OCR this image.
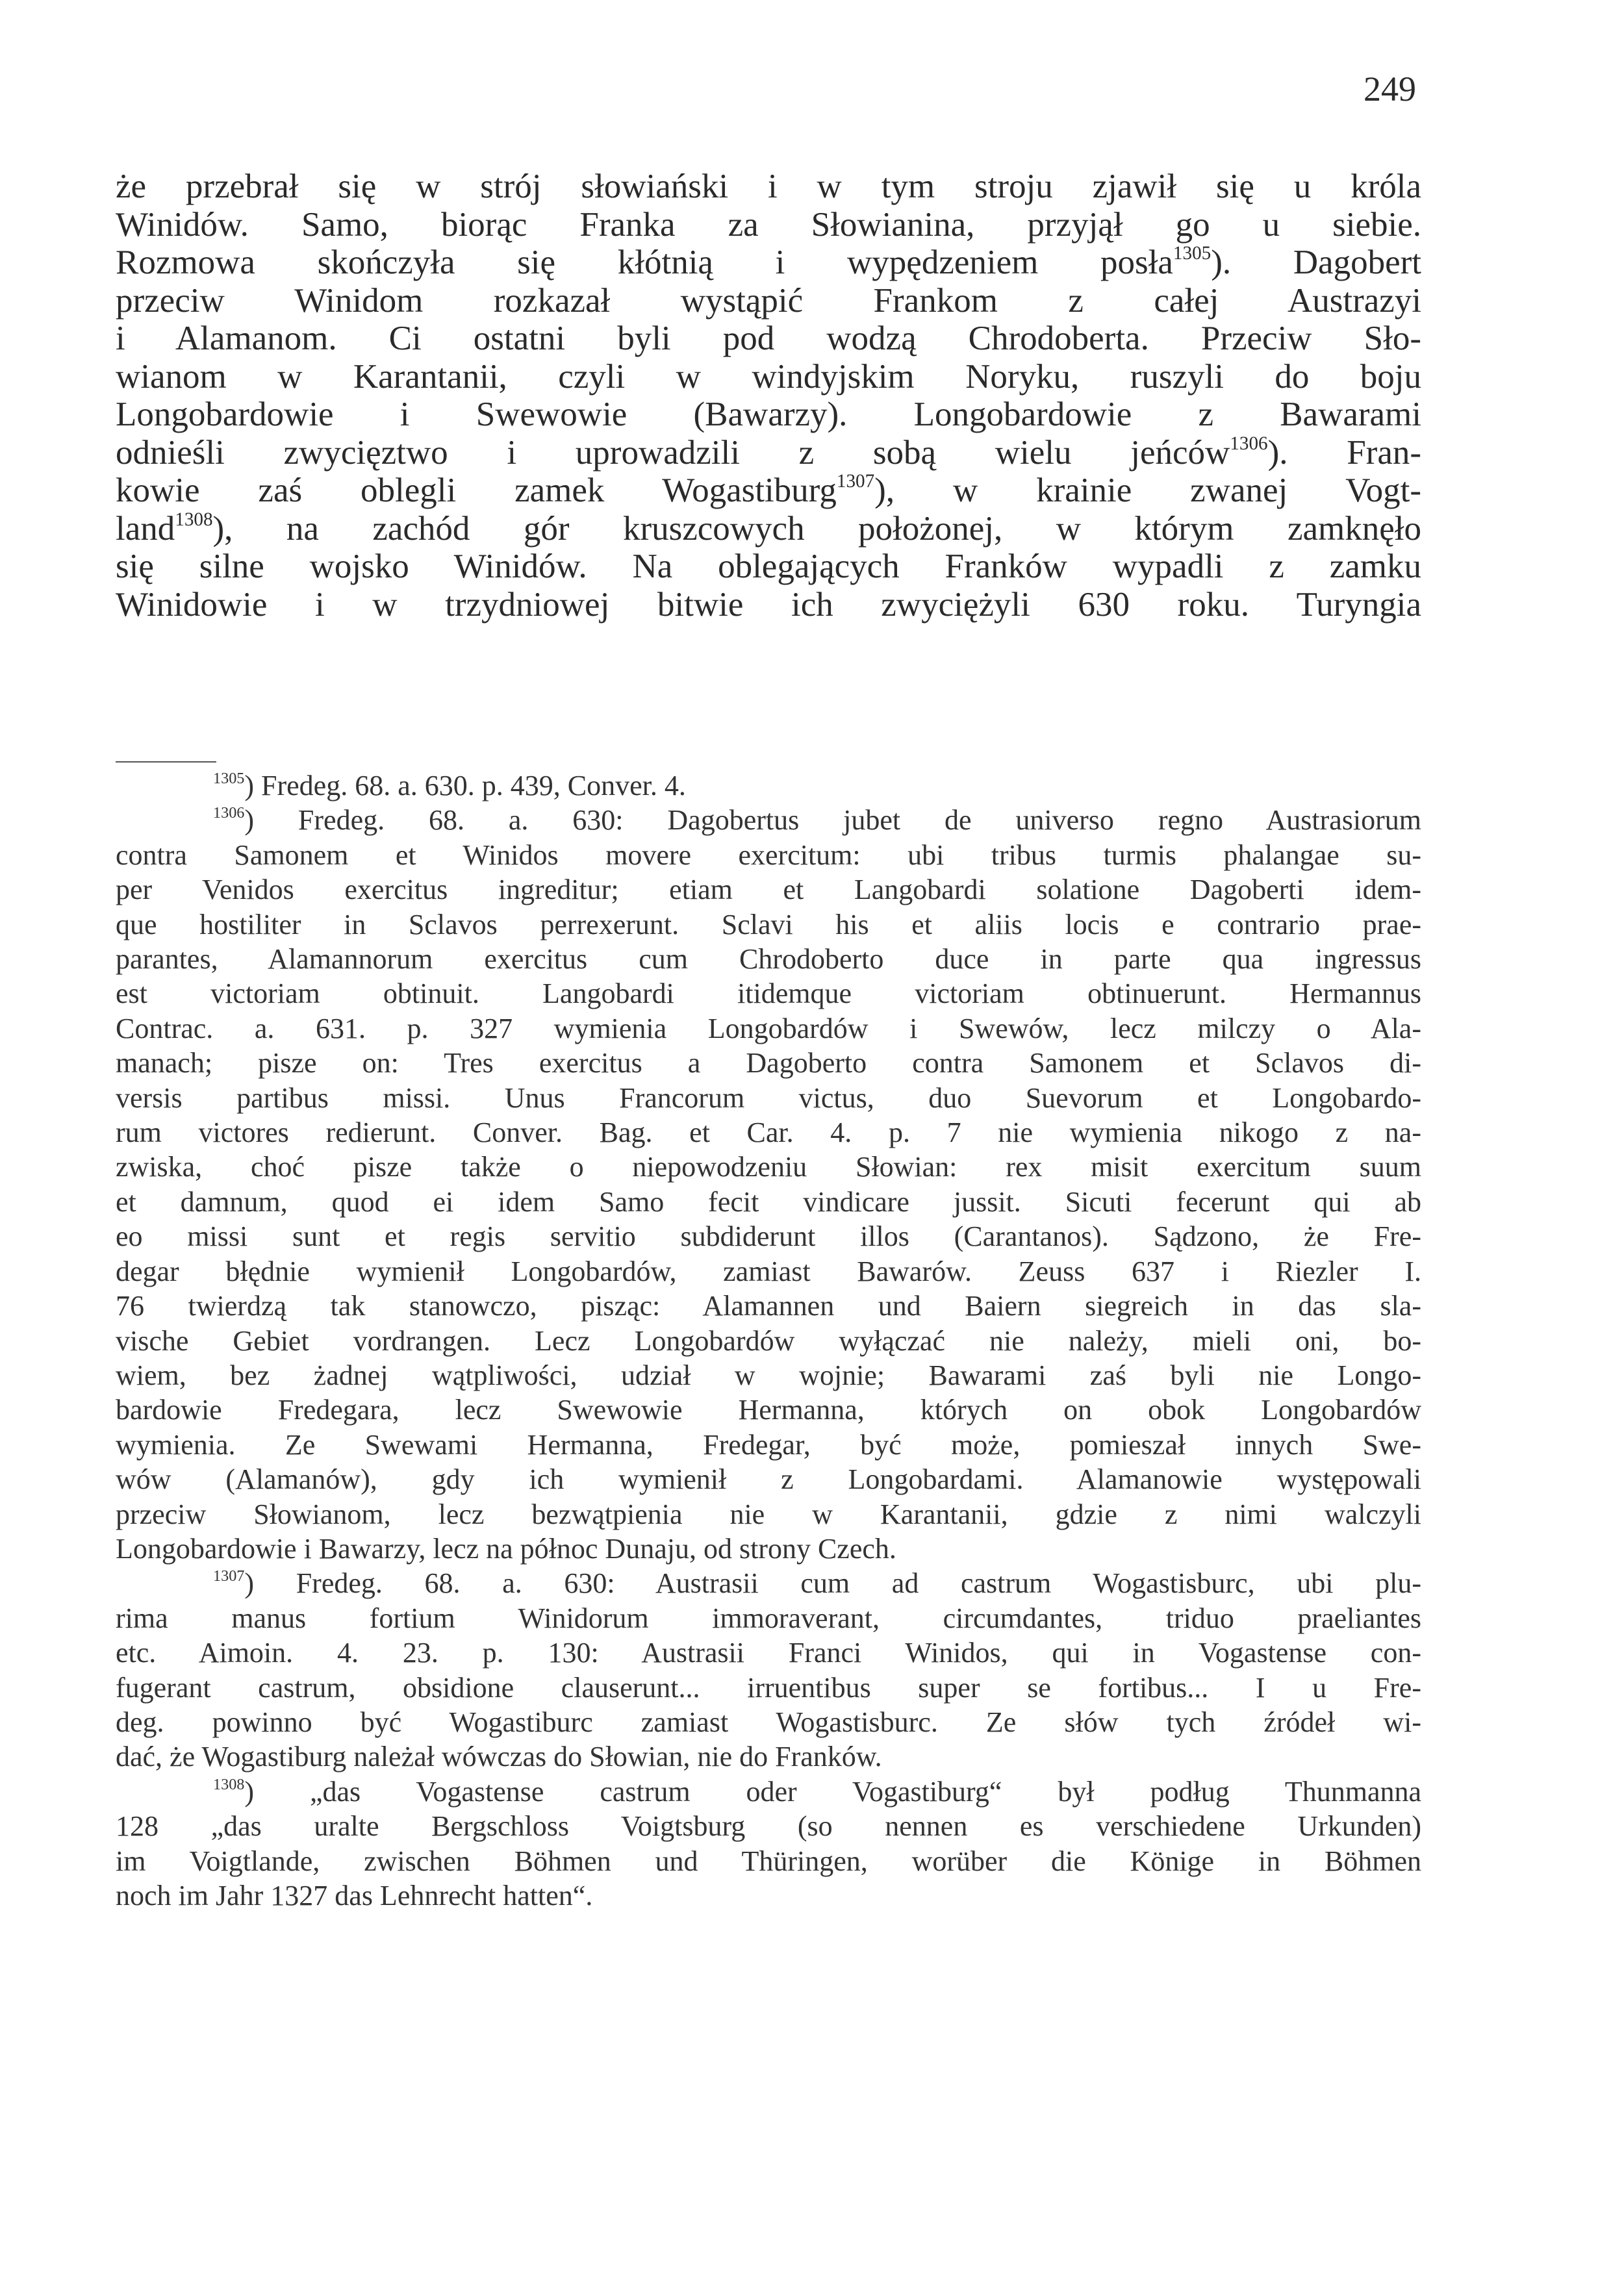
249
że przebrał się w strój słowiański i w tym stroju zjawił się u króla
Winidów. Samo, biorąc Franka za Słowianina, przyjął go u siebie.
Rozmowa skończyła się kłótnią i wypędzeniem posła$^{1305}$). Dagobert
przeciw Winidom rozkazał wystąpić Frankom z całej Austrazyi
i Alamanom. Ci ostatni byli pod wodzą Chrodoberta. Przeciw Sło-
wianom w Karantanii, czyli w windyjskim Noryku, ruszyli do boju
Longobardowie i Swewowie (Bawarzy). Longobardowie z Bawarami
odnieśli zwycięztwo i uprowadzili z sobą wielu jeńców$^{1306}$). Fran-
kowie zaś oblegli zamek Wogastiburg$^{1307}$), w krainie zwanej Vogt-
land$^{1308}$), na zachód gór kruszcowych położonej, w którym zamknęło
się silne wojsko Winidów. Na oblegających Franków wypadli z zamku
Winidowie i w trzydniowej bitwie ich zwyciężyli 630 roku. Turyngia
$^{1305}$) Fredeg. 68. a. 630. p. 439, Conver. 4.
$^{1306}$) Fredeg. 68. a. 630: Dagobertus jubet de universo regno Austrasiorum
contra Samonem et Winidos movere exercitum: ubi tribus turmis phalangae su-
per Venidos exercitus ingreditur; etiam et Langobardi solatione Dagoberti idem-
que hostiliter in Sclavos perrexerunt. Sclavi his et aliis locis e contrario prae-
parantes, Alamannorum exercitus cum Chrodoberto duce in parte qua ingressus
est victoriam obtinuit. Langobardi itidemque victoriam obtinuerunt. Hermannus
Contrac. a. 631. p. 327 wymienia Longobardów i Swewów, lecz milczy o Ala-
manach; pisze on: Tres exercitus a Dagoberto contra Samonem et Sclavos di-
versis partibus missi. Unus Francorum victus, duo Suevorum et Longobardo-
rum victores redierunt. Conver. Bag. et Car. 4. p. 7 nie wymienia nikogo z na-
zwiska, choć pisze także o niepowodzeniu Słowian: rex misit exercitum suum
et damnum, quod ei idem Samo fecit vindicare jussit. Sicuti fecerunt qui ab
eo missi sunt et regis servitio subdiderunt illos (Carantanos). Sądzono, że Fre-
degar błędnie wymienił Longobardów, zamiast Bawarów. Zeuss 637 i Riezler I.
76 twierdzą tak stanowczo, pisząc: Alamannen und Baiern siegreich in das sla-
vische Gebiet vordrangen. Lecz Longobardów wyłączać nie należy, mieli oni, bo-
wiem, bez żadnej wątpliwości, udział w wojnie; Bawarami zaś byli nie Longo-
bardowie Fredegara, lecz Swewowie Hermanna, których on obok Longobardów
wymienia. Ze Swewami Hermanna, Fredegar, być może, pomieszał innych Swe-
wów (Alamanów), gdy ich wymienił z Longobardami. Alamanowie występowali
przeciw Słowianom, lecz bezwątpienia nie w Karantanii, gdzie z nimi walczyli
Longobardowie i Bawarzy, lecz na północ Dunaju, od strony Czech.
$^{1307}$) Fredeg. 68. a. 630: Austrasii cum ad castrum Wogastisburc, ubi plu-
rima manus fortium Winidorum immoraverant, circumdantes, triduo praeliantes
etc. Aimoin. 4. 23. p. 130: Austrasii Franci Winidos, qui in Vogastense con-
fugerant castrum, obsidione clauserunt... irruentibus super se fortibus... I u Fre-
deg. powinno być Wogastiburc zamiast Wogastisburc. Ze słów tych źródeł wi-
dać, że Wogastiburg należał wówczas do Słowian, nie do Franków.
$^{1308}$) „das Vogastense castrum oder Vogastiburg“ był podług Thunmanna
128 „das uralte Bergschloss Voigtsburg (so nennen es verschiedene Urkunden)
im Voigtlande, zwischen Böhmen und Thüringen, worüber die Könige in Böhmen
noch im Jahr 1327 das Lehnrecht hatten“.
